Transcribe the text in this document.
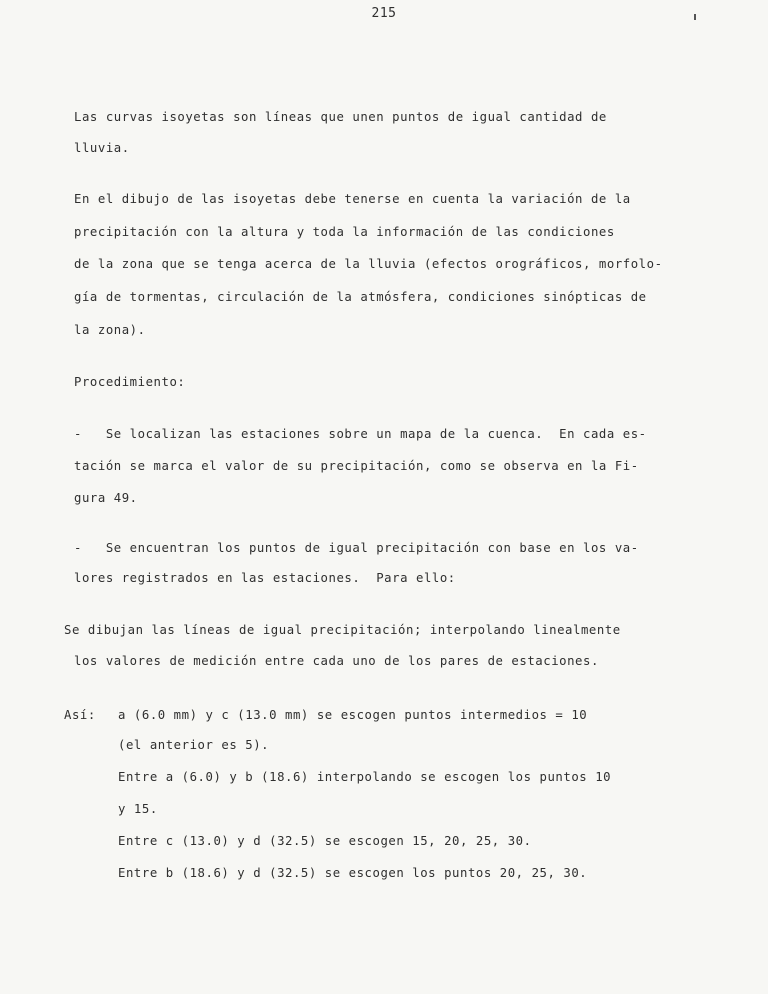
215
Las curvas isoyetas son líneas que unen puntos de igual cantidad de
lluvia.
En el dibujo de las isoyetas debe tenerse en cuenta la variación de la
precipitación con la altura y toda la información de las condiciones
de la zona que se tenga acerca de la lluvia (efectos orográficos, morfolo-
gía de tormentas, circulación de la atmósfera, condiciones sinópticas de
la zona).
Procedimiento:
-   Se localizan las estaciones sobre un mapa de la cuenca.  En cada es-
tación se marca el valor de su precipitación, como se observa en la Fi-
gura 49.
-   Se encuentran los puntos de igual precipitación con base en los va-
lores registrados en las estaciones.  Para ello:
Se dibujan las líneas de igual precipitación; interpolando linealmente
los valores de medición entre cada uno de los pares de estaciones.
Así: a (6.0 mm) y c (13.0 mm) se escogen puntos intermedios = 10
(el anterior es 5).
Entre a (6.0) y b (18.6) interpolando se escogen los puntos 10
y 15.
Entre c (13.0) y d (32.5) se escogen 15, 20, 25, 30.
Entre b (18.6) y d (32.5) se escogen los puntos 20, 25, 30.
